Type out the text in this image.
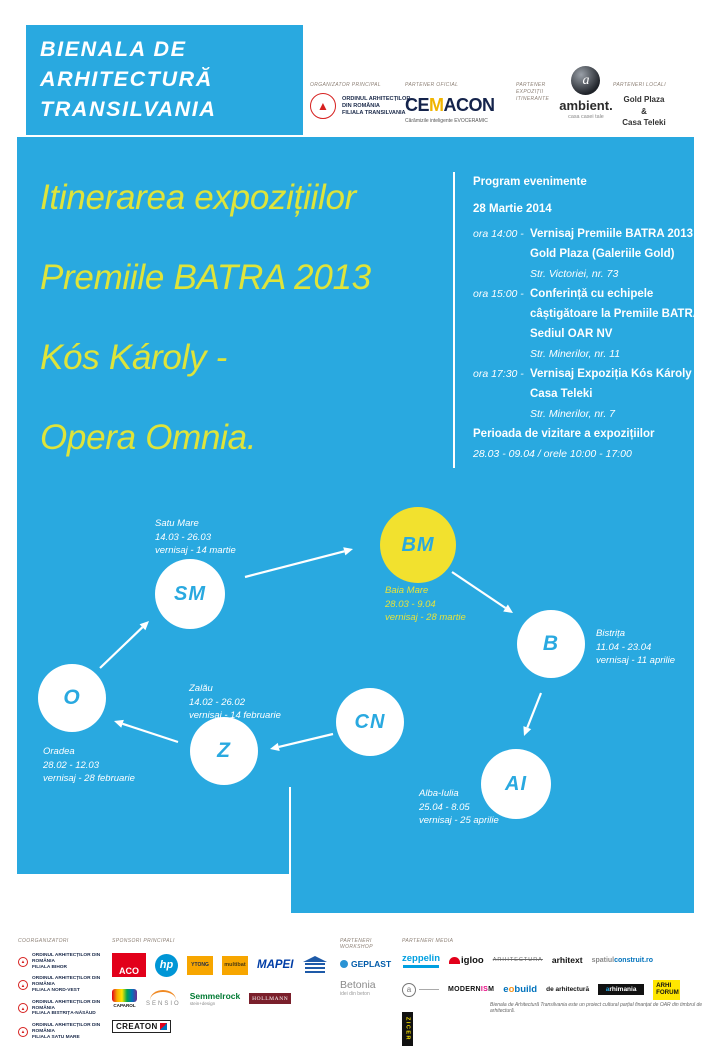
BIENALA DE
ARHITECTURĂ
TRANSILVANIA
ORGANIZATOR PRINCIPAL
▲
ORDINUL ARHITECȚILOR
DIN ROMÂNIA
FILIALA TRANSILVANIA
PARTENER OFICIAL
CEMACON
Cărămizile inteligente EVOCERAMIC
PARTENER
EXPOZIȚII
ITINERANTE
a
ambient.
casa casei tale
PARTENERI LOCALI
Gold Plaza
&
Casa Teleki
Itinerarea expozițiilor
Premiile BATRA 2013
Kós Károly -
Opera Omnia.
Program evenimente
28 Martie 2014
ora 14:00 - Vernisaj Premiile BATRA 2013
Gold Plaza (Galeriile Gold)
Str. Victoriei, nr. 73
ora 15:00 - Conferință cu echipele
câștigătoare la Premiile BATRA
Sediul OAR NV
Str. Minerilor, nr. 11
ora 17:30 - Vernisaj Expoziția Kós Károly
Casa Teleki
Str. Minerilor, nr. 7
Perioada de vizitare a expozițiilor
28.03 - 09.04 / orele 10:00 - 17:00
SM
Satu Mare
14.03 - 26.03
vernisaj - 14 martie	BM
Baia Mare
28.03 - 9.04
vernisaj - 28 martie
B	Bistrița
11.04 - 23.04
vernisaj - 11 aprilie
AI
Alba-Iulia
25.04 - 8.05
vernisaj - 25 aprilie
O
Oradea
28.02 - 12.03
vernisaj - 28 februarie
Z
Zalău
14.02 - 26.02
vernisaj - 14 februarie	CN
COORGANIZATORI
▲
ORDINUL ARHITECȚILOR DIN ROMÂNIA
FILIALA BIHOR
▲
ORDINUL ARHITECȚILOR DIN ROMÂNIA
FILIALA NORD-VEST
▲
ORDINUL ARHITECȚILOR DIN ROMÂNIA
FILIALA BISTRIȚA-NĂSĂUD
▲
ORDINUL ARHITECȚILOR DIN ROMÂNIA
FILIALA SATU MARE
SPONSORI PRINCIPALI
ACO hp	YTONG	multibat MAPEI
CAPAROL SENSIO
Semmelrock
stein+design
HOLLMANN
CREATON
PARTENERI WORKSHOP
GEPLAST
Betonia
idei din beton
PARTENERI MEDIA
zeppelin igloo ARHITECTURA arhitext spatiul construit.ro
a	MODERN IS M e o build de arhitectură	a rhimania
ARHI
FORUM
ZICER
Bienala de Arhitectură Transilvania este un proiect cultural parțial finanțat de OAR din timbrul de arhitectură.
